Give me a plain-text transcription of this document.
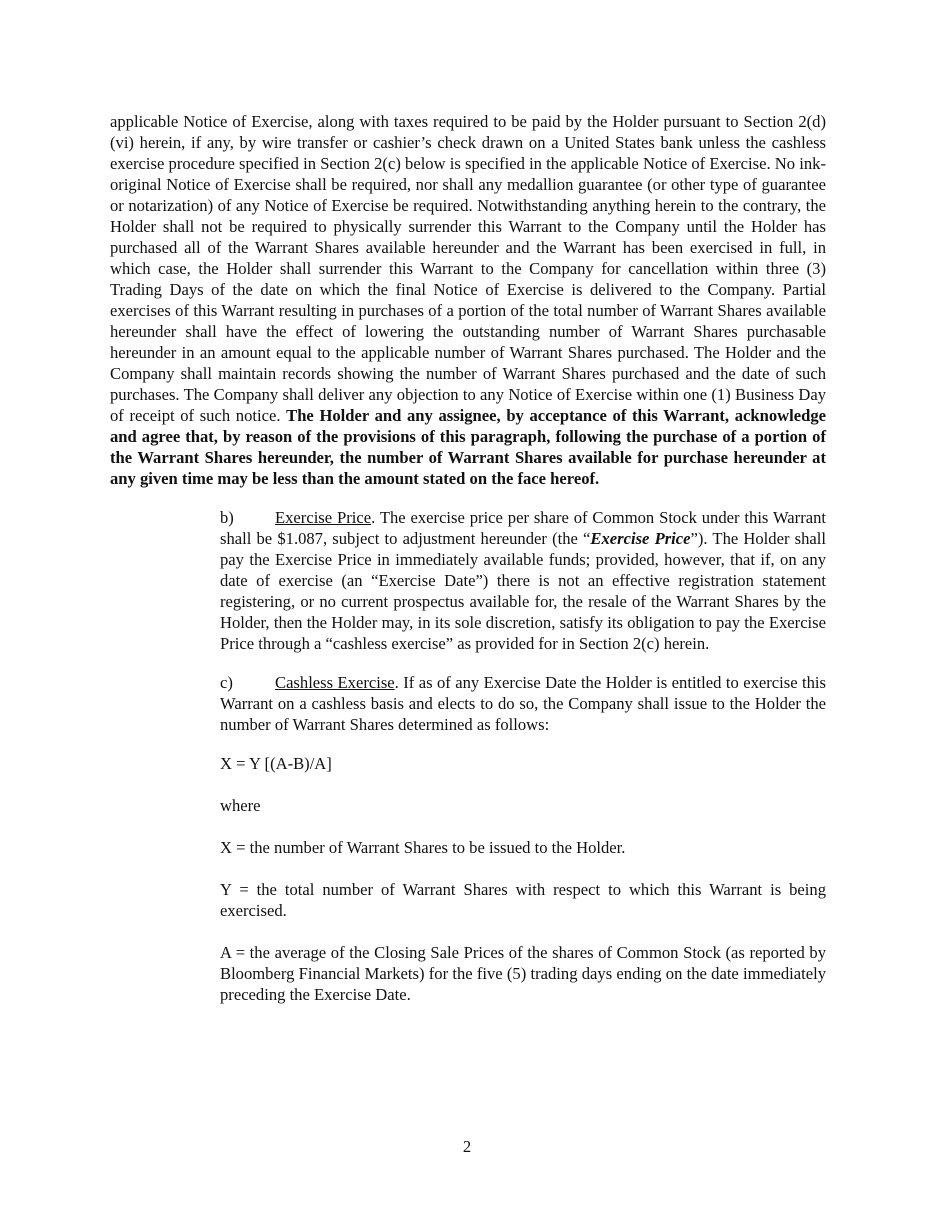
applicable Notice of Exercise, along with taxes required to be paid by the Holder pursuant to Section 2(d)(vi) herein, if any, by wire transfer or cashier’s check drawn on a United States bank unless the cashless exercise procedure specified in Section 2(c) below is specified in the applicable Notice of Exercise. No ink-original Notice of Exercise shall be required, nor shall any medallion guarantee (or other type of guarantee or notarization) of any Notice of Exercise be required. Notwithstanding anything herein to the contrary, the Holder shall not be required to physically surrender this Warrant to the Company until the Holder has purchased all of the Warrant Shares available hereunder and the Warrant has been exercised in full, in which case, the Holder shall surrender this Warrant to the Company for cancellation within three (3) Trading Days of the date on which the final Notice of Exercise is delivered to the Company. Partial exercises of this Warrant resulting in purchases of a portion of the total number of Warrant Shares available hereunder shall have the effect of lowering the outstanding number of Warrant Shares purchasable hereunder in an amount equal to the applicable number of Warrant Shares purchased. The Holder and the Company shall maintain records showing the number of Warrant Shares purchased and the date of such purchases. The Company shall deliver any objection to any Notice of Exercise within one (1) Business Day of receipt of such notice. The Holder and any assignee, by acceptance of this Warrant, acknowledge and agree that, by reason of the provisions of this paragraph, following the purchase of a portion of the Warrant Shares hereunder, the number of Warrant Shares available for purchase hereunder at any given time may be less than the amount stated on the face hereof.

b) Exercise Price. The exercise price per share of Common Stock under this Warrant shall be $1.087, subject to adjustment hereunder (the “Exercise Price”). The Holder shall pay the Exercise Price in immediately available funds; provided, however, that if, on any date of exercise (an “Exercise Date”) there is not an effective registration statement registering, or no current prospectus available for, the resale of the Warrant Shares by the Holder, then the Holder may, in its sole discretion, satisfy its obligation to pay the Exercise Price through a “cashless exercise” as provided for in Section 2(c) herein.

c)	Cashless Exercise. If as of any Exercise Date the Holder is entitled to exercise this Warrant on a cashless basis and elects to do so, the Company shall issue to the Holder the number of Warrant Shares determined as follows:

X = Y [(A-B)/A]

where

X = the number of Warrant Shares to be issued to the Holder.

Y = the total number of Warrant Shares with respect to which this Warrant is being exercised.

A = the average of the Closing Sale Prices of the shares of Common Stock (as reported by Bloomberg Financial Markets) for the five (5) trading days ending on the date immediately preceding the Exercise Date.

2
